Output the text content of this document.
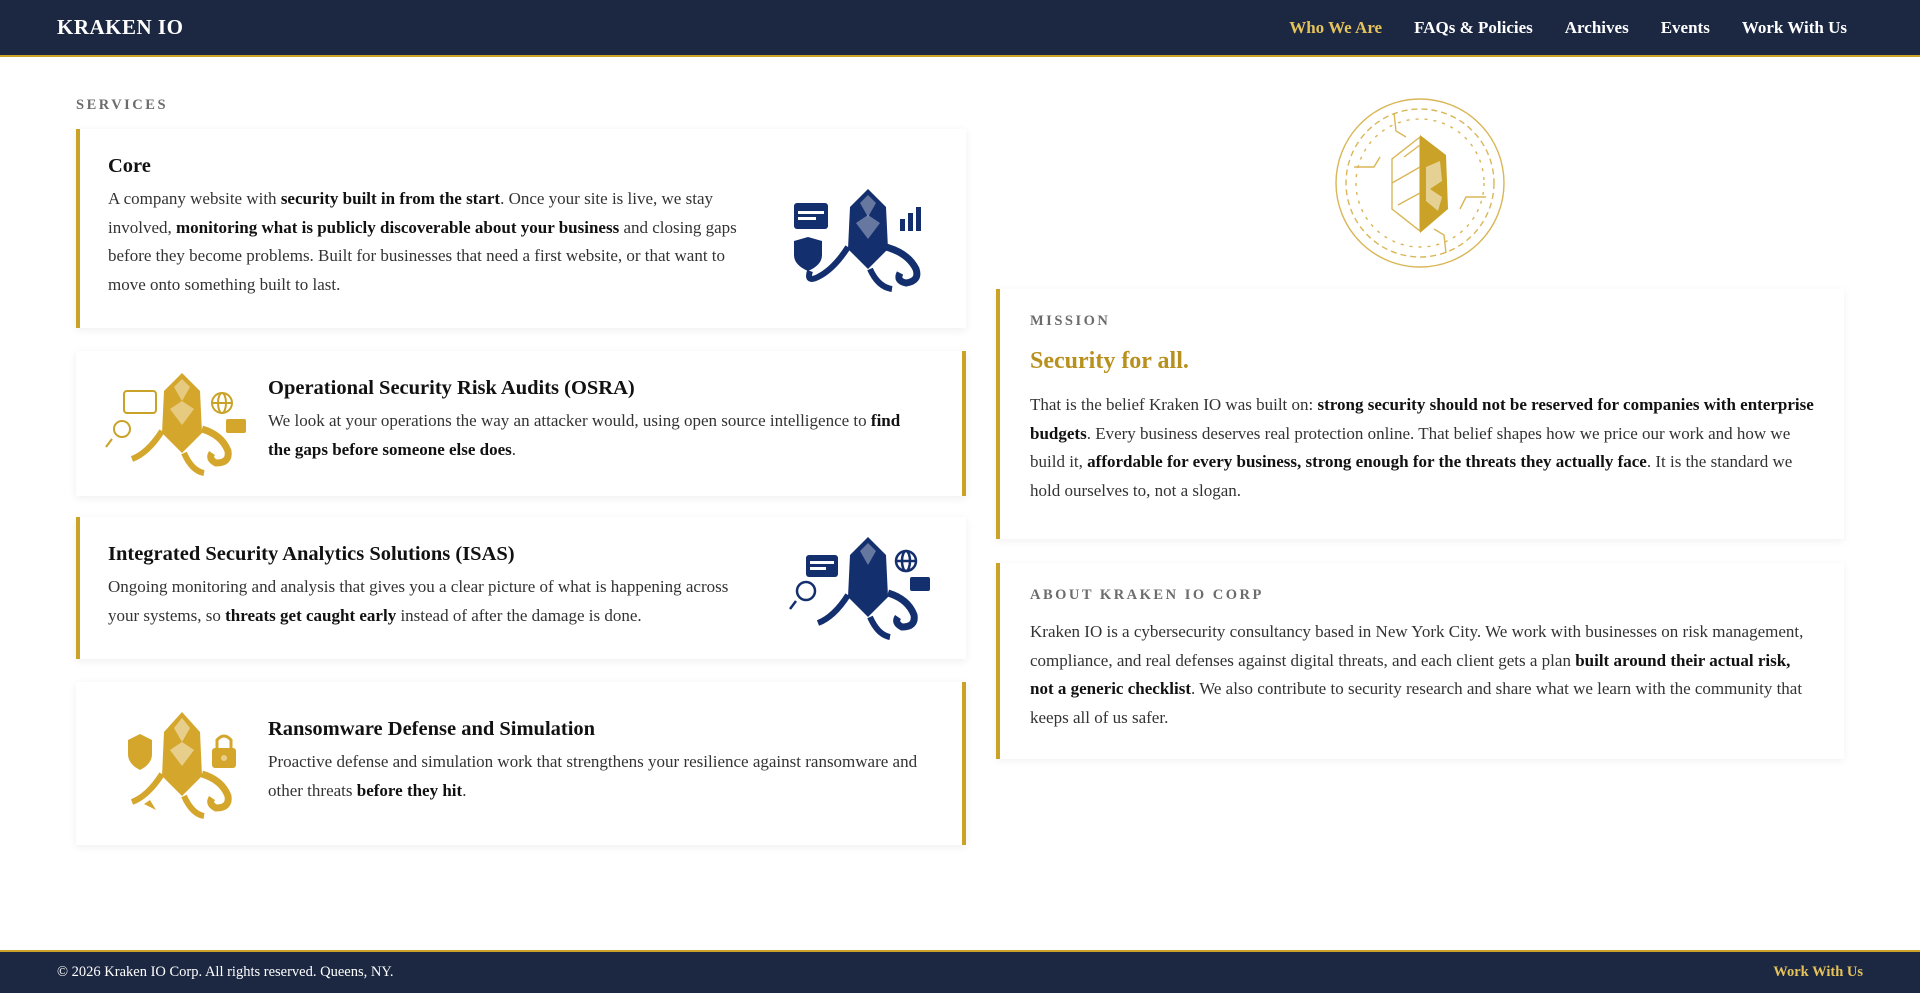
KRAKEN IO	Who We Are FAQs & Policies Archives Events Work With Us
SERVICES
Core

A company website with security built in from the start. Once your site is live, we stay involved, monitoring what is publicly discoverable about your business and closing gaps before they become problems. Built for businesses that need a first website, or that want to move onto something built to last.

Operational Security Risk Audits (OSRA)

We look at your operations the way an attacker would, using open source intelligence to find the gaps before someone else does.

Integrated Security Analytics Solutions (ISAS)

Ongoing monitoring and analysis that gives you a clear picture of what is happening across your systems, so threats get caught early instead of after the damage is done.

Ransomware Defense and Simulation

Proactive defense and simulation work that strengthens your resilience against ransomware and other threats before they hit.

MISSION
Security for all.

That is the belief Kraken IO was built on: strong security should not be reserved for companies with enterprise budgets. Every business deserves real protection online. That belief shapes how we price our work and how we build it, affordable for every business, strong enough for the threats they actually face. It is the standard we hold ourselves to, not a slogan.

ABOUT KRAKEN IO CORP

Kraken IO is a cybersecurity consultancy based in New York City. We work with businesses on risk management, compliance, and real defenses against digital threats, and each client gets a plan built around their actual risk, not a generic checklist. We also contribute to security research and share what we learn with the community that keeps all of us safer.

© 2026 Kraken IO Corp. All rights reserved. Queens, NY.	Work With Us
